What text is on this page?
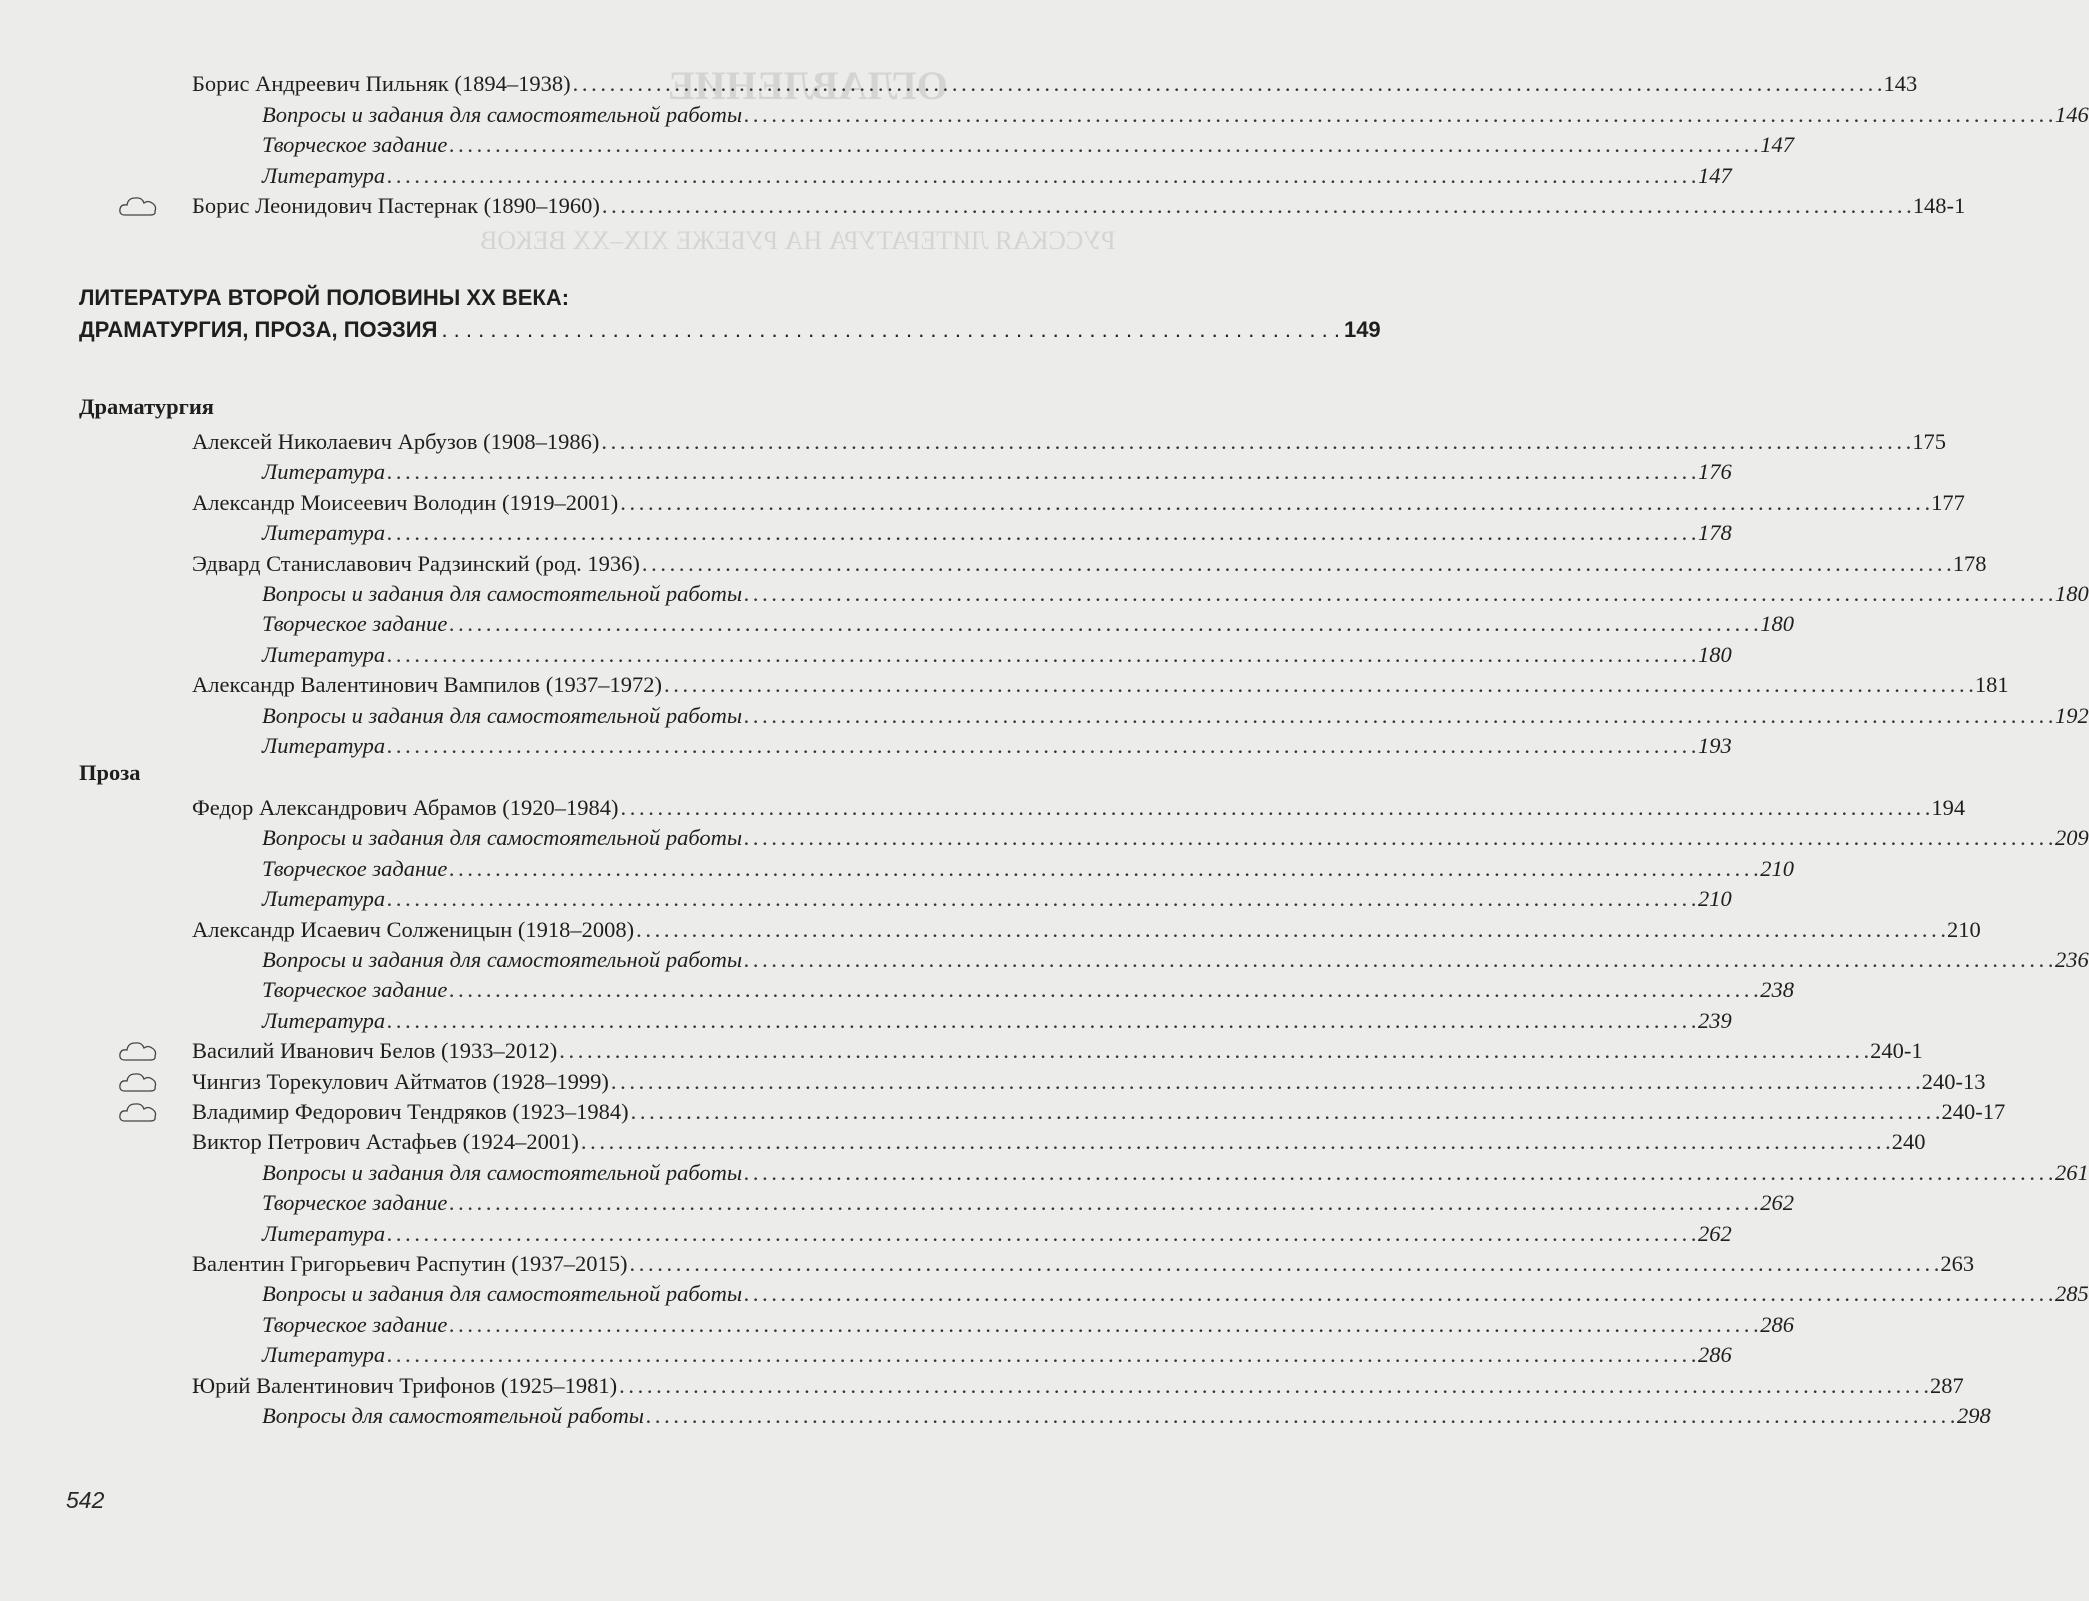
ОГЛАВЛЕНИЕ
РУССКАЯ ЛИТЕРАТУРА НА РУБЕЖЕ XIX–XX ВЕКОВ
ЛИТЕРАТУРА ВТОРОЙ ПОЛОВИНЫ XX ВЕКА:
ДРАМАТУРГИЯ, ПРОЗА, ПОЭЗИЯ . . .	149
Драматургия
Проза
542
Борис Андреевич Пильняк (1894–1938) . . .	143
Вопросы и задания для самостоятельной работы . . .	146
Творческое задание . . .	147
Литература . . .	147
Борис Леонидович Пастернак (1890–1960) . . .	148-1
Алексей Николаевич Арбузов (1908–1986) . . .	175
Литература . . .	176
Александр Моисеевич Володин (1919–2001) . . .	177
Литература . . .	178
Эдвард Станиславович Радзинский (род. 1936) . . .	178
Вопросы и задания для самостоятельной работы . . .	180
Творческое задание . . .	180
Литература . . .	180
Александр Валентинович Вампилов (1937–1972) . . .	181
Вопросы и задания для самостоятельной работы . . .	192
Литература . . .	193
Федор Александрович Абрамов (1920–1984) . . .	194
Вопросы и задания для самостоятельной работы . . .	209
Творческое задание . . .	210
Литература . . .	210
Александр Исаевич Солженицын (1918–2008) . . .	210
Вопросы и задания для самостоятельной работы . . .	236
Творческое задание . . .	238
Литература . . .	239
Василий Иванович Белов (1933–2012) . . .	240-1
Чингиз Торекулович Айтматов (1928–1999) . . .	240-13
Владимир Федорович Тендряков (1923–1984) . . .	240-17
Виктор Петрович Астафьев (1924–2001) . . .	240
Вопросы и задания для самостоятельной работы . . .	261
Творческое задание . . .	262
Литература . . .	262
Валентин Григорьевич Распутин (1937–2015) . . .	263
Вопросы и задания для самостоятельной работы . . .	285
Творческое задание . . .	286
Литература . . .	286
Юрий Валентинович Трифонов (1925–1981) . . .	287
Вопросы для самостоятельной работы . . .	298
